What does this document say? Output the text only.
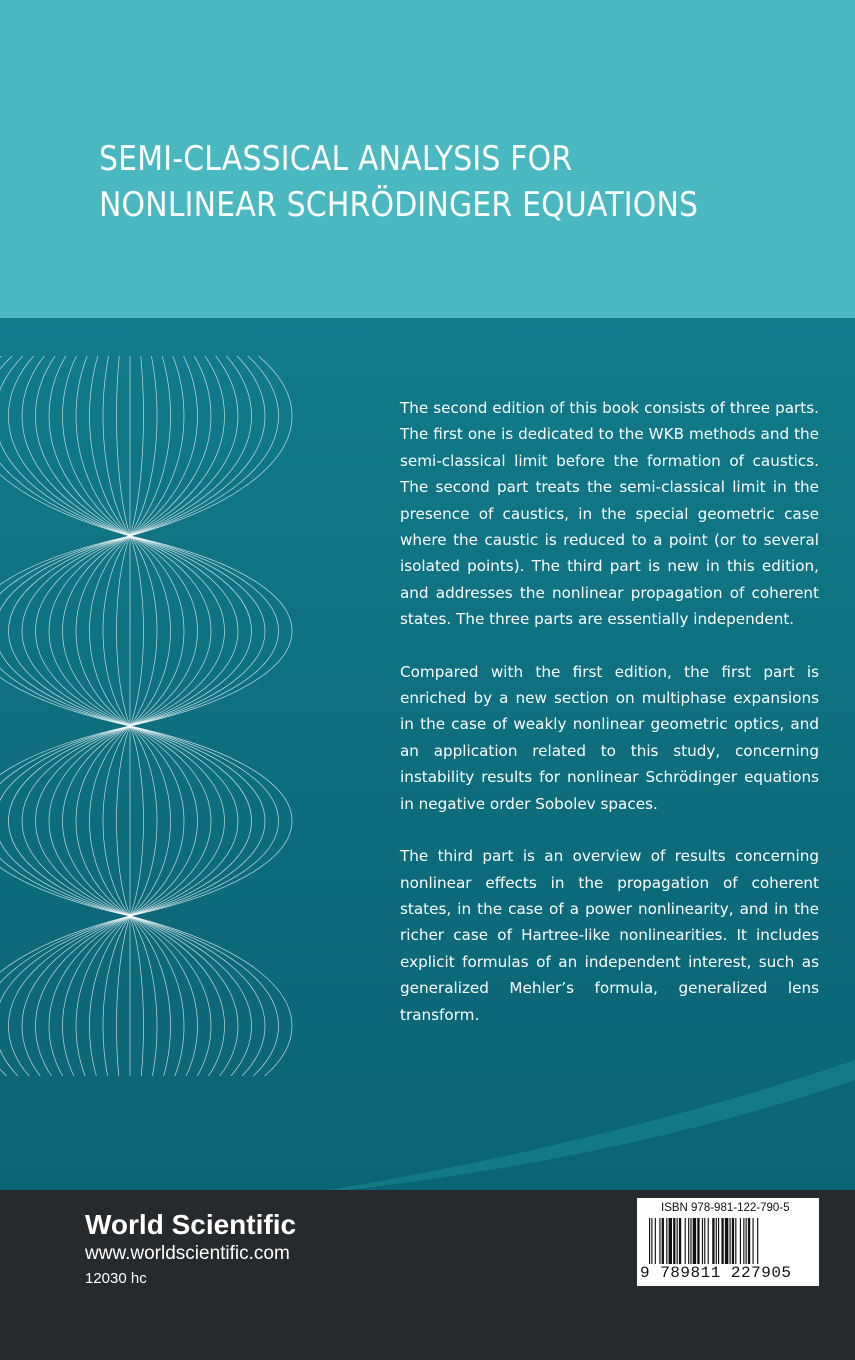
SEMI-CLASSICAL ANALYSIS FOR
NONLINEAR SCHRÖDINGER EQUATIONS

The second edition of this book consists of three parts. The first one is dedicated to the WKB methods and the semi-classical limit before the formation of caustics. The second part treats the semi-classical limit in the presence of caustics, in the special geometric case where the caustic is reduced to a point (or to several isolated points). The third part is new in this edition, and addresses the nonlinear propagation of coherent states. The three parts are essentially independent.

Compared with the first edition, the first part is enriched by a new section on multiphase expansions in the case of weakly nonlinear geometric optics, and an application related to this study, concerning instability results for nonlinear Schrödinger equations in negative order Sobolev spaces.

The third part is an overview of results concerning nonlinear effects in the propagation of coherent states, in the case of a power nonlinearity, and in the richer case of Hartree-like nonlinearities. It includes explicit formulas of an independent interest, such as generalized Mehler’s formula, generalized lens transform.

World Scientific
www.worldscientific.com
12030 hc
ISBN 978-981-122-790-5
9 789811 227905
